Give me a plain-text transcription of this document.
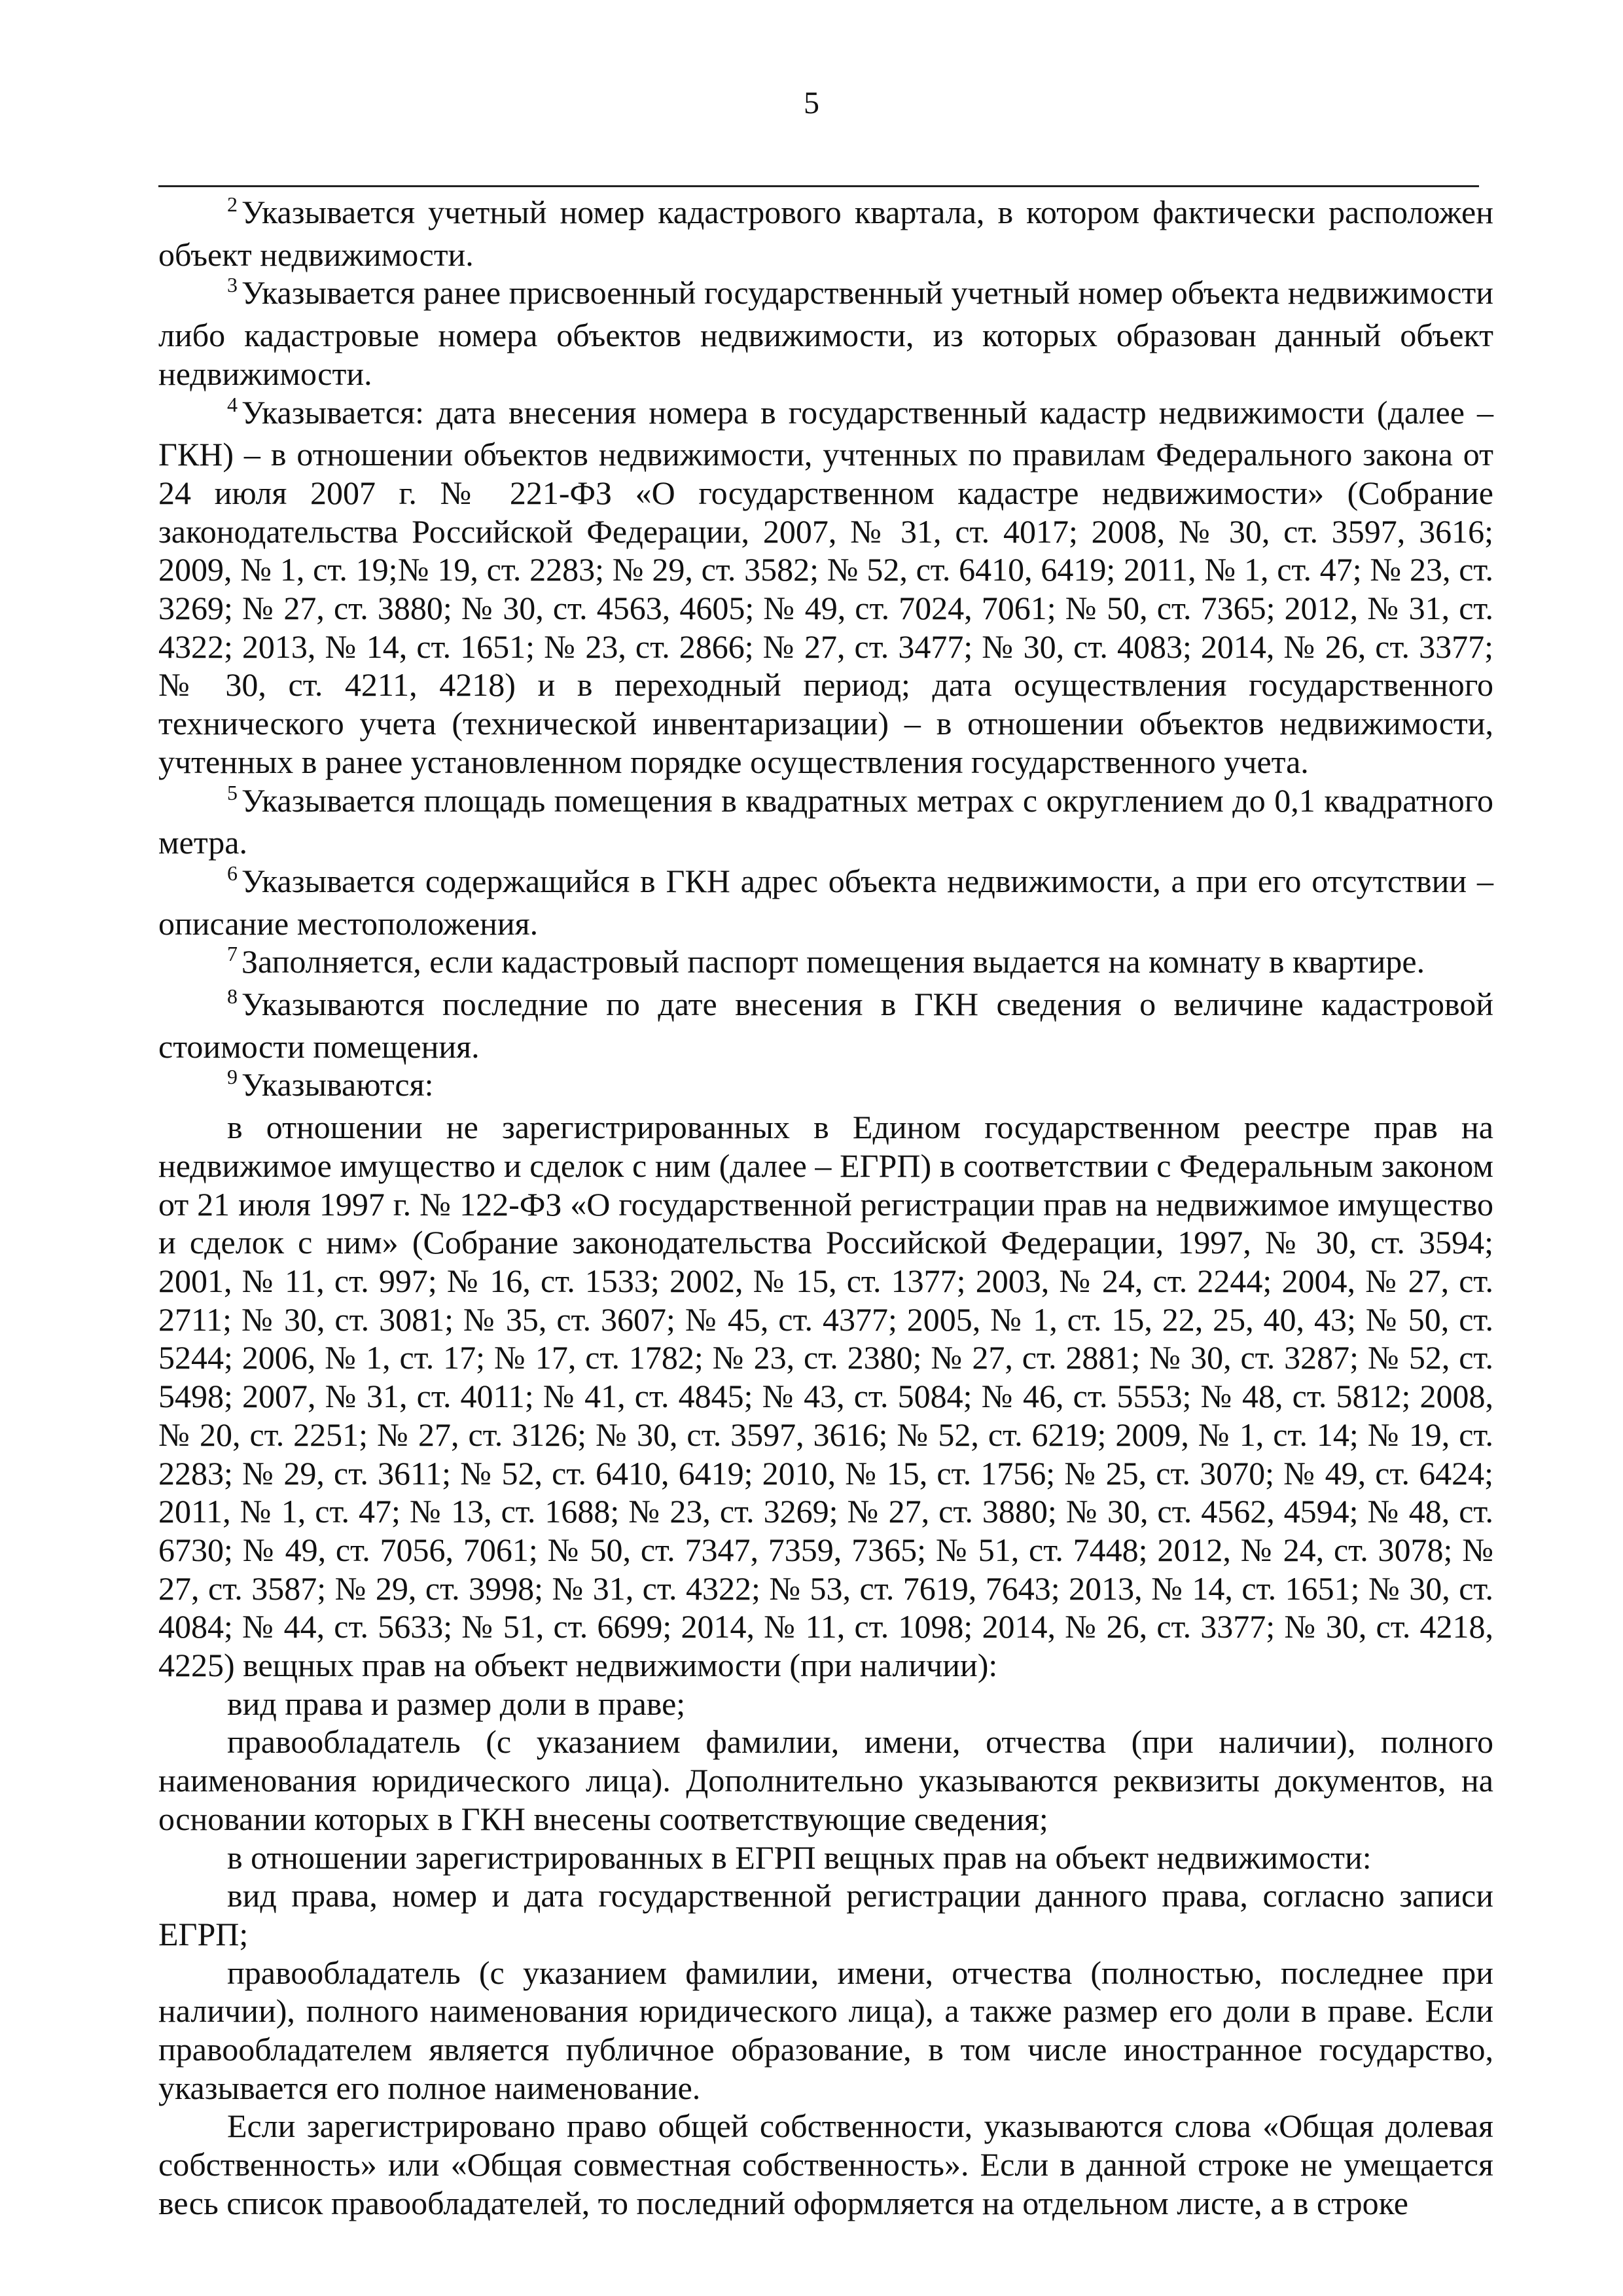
5

$^2$ Указывается учетный номер кадастрового квартала, в котором фактически расположен объект недвижимости.

$^3$ Указывается ранее присвоенный государственный учетный номер объекта недвижимости либо кадастровые номера объектов недвижимости, из которых образован данный объект недвижимости.

$^4$ Указывается: дата внесения номера в государственный кадастр недвижимости (далее – ГКН) – в отношении объектов недвижимости, учтенных по правилам Федерального закона от 24 июля 2007 г. № 221-ФЗ «О государственном кадастре недвижимости» (Собрание законодательства Российской Федерации, 2007, № 31, ст. 4017; 2008, № 30, ст. 3597, 3616; 2009, № 1, ст. 19;№ 19, ст. 2283; № 29, ст. 3582; № 52, ст. 6410, 6419; 2011, № 1, ст. 47; № 23, ст. 3269; № 27, ст. 3880; № 30, ст. 4563, 4605; № 49, ст. 7024, 7061; № 50, ст. 7365; 2012, № 31, ст. 4322; 2013, № 14, ст. 1651; № 23, ст. 2866; № 27, ст. 3477; № 30, ст. 4083; 2014, № 26, ст. 3377; № 30, ст. 4211, 4218) и в переходный период; дата осуществления государственного технического учета (технической инвентаризации) – в отношении объектов недвижимости, учтенных в ранее установленном порядке осуществления государственного учета.

$^5$ Указывается площадь помещения в квадратных метрах с округлением до 0,1 квадратного метра.

$^6$ Указывается содержащийся в ГКН адрес объекта недвижимости, а при его отсутствии – описание местоположения.

$^7$ Заполняется, если кадастровый паспорт помещения выдается на комнату в квартире.

$^8$ Указываются последние по дате внесения в ГКН сведения о величине кадастровой стоимости помещения.

$^9$ Указываются:

в отношении не зарегистрированных в Едином государственном реестре прав на недвижимое имущество и сделок с ним (далее – ЕГРП) в соответствии с Федеральным законом от 21 июля 1997 г. № 122-ФЗ «О государственной регистрации прав на недвижимое имущество и сделок с ним» (Собрание законодательства Российской Федерации, 1997, № 30, ст. 3594; 2001, № 11, ст. 997; № 16, ст. 1533; 2002, № 15, ст. 1377; 2003, № 24, ст. 2244; 2004, № 27, ст. 2711; № 30, ст. 3081; № 35, ст. 3607; № 45, ст. 4377; 2005, № 1, ст. 15, 22, 25, 40, 43; № 50, ст. 5244; 2006, № 1, ст. 17; № 17, ст. 1782; № 23, ст. 2380; № 27, ст. 2881; № 30, ст. 3287; № 52, ст. 5498; 2007, № 31, ст. 4011; № 41, ст. 4845; № 43, ст. 5084; № 46, ст. 5553; № 48, ст. 5812; 2008, № 20, ст. 2251; № 27, ст. 3126; № 30, ст. 3597, 3616; № 52, ст. 6219; 2009, № 1, ст. 14; № 19, ст. 2283; № 29, ст. 3611; № 52, ст. 6410, 6419; 2010, № 15, ст. 1756; № 25, ст. 3070; № 49, ст. 6424; 2011, № 1, ст. 47; № 13, ст. 1688; № 23, ст. 3269; № 27, ст. 3880; № 30, ст. 4562, 4594; № 48, ст. 6730; № 49, ст. 7056, 7061; № 50, ст. 7347, 7359, 7365; № 51, ст. 7448; 2012, № 24, ст. 3078; № 27, ст. 3587; № 29, ст. 3998; № 31, ст. 4322; № 53, ст. 7619, 7643; 2013, № 14, ст. 1651; № 30, ст. 4084; № 44, ст. 5633; № 51, ст. 6699; 2014, № 11, ст. 1098; 2014, № 26, ст. 3377; № 30, ст. 4218, 4225) вещных прав на объект недвижимости (при наличии):

вид права и размер доли в праве;

правообладатель (с указанием фамилии, имени, отчества (при наличии), полного наименования юридического лица). Дополнительно указываются реквизиты документов, на основании которых в ГКН внесены соответствующие сведения;

в отношении зарегистрированных в ЕГРП вещных прав на объект недвижимости:

вид права, номер и дата государственной регистрации данного права, согласно записи ЕГРП;

правообладатель (с указанием фамилии, имени, отчества (полностью, последнее при наличии), полного наименования юридического лица), а также размер его доли в праве. Если правообладателем является публичное образование, в том числе иностранное государство, указывается его полное наименование.

Если зарегистрировано право общей собственности, указываются слова «Общая долевая собственность» или «Общая совместная собственность». Если в данной строке не умещается весь список правообладателей, то последний оформляется на отдельном листе, а в строке
